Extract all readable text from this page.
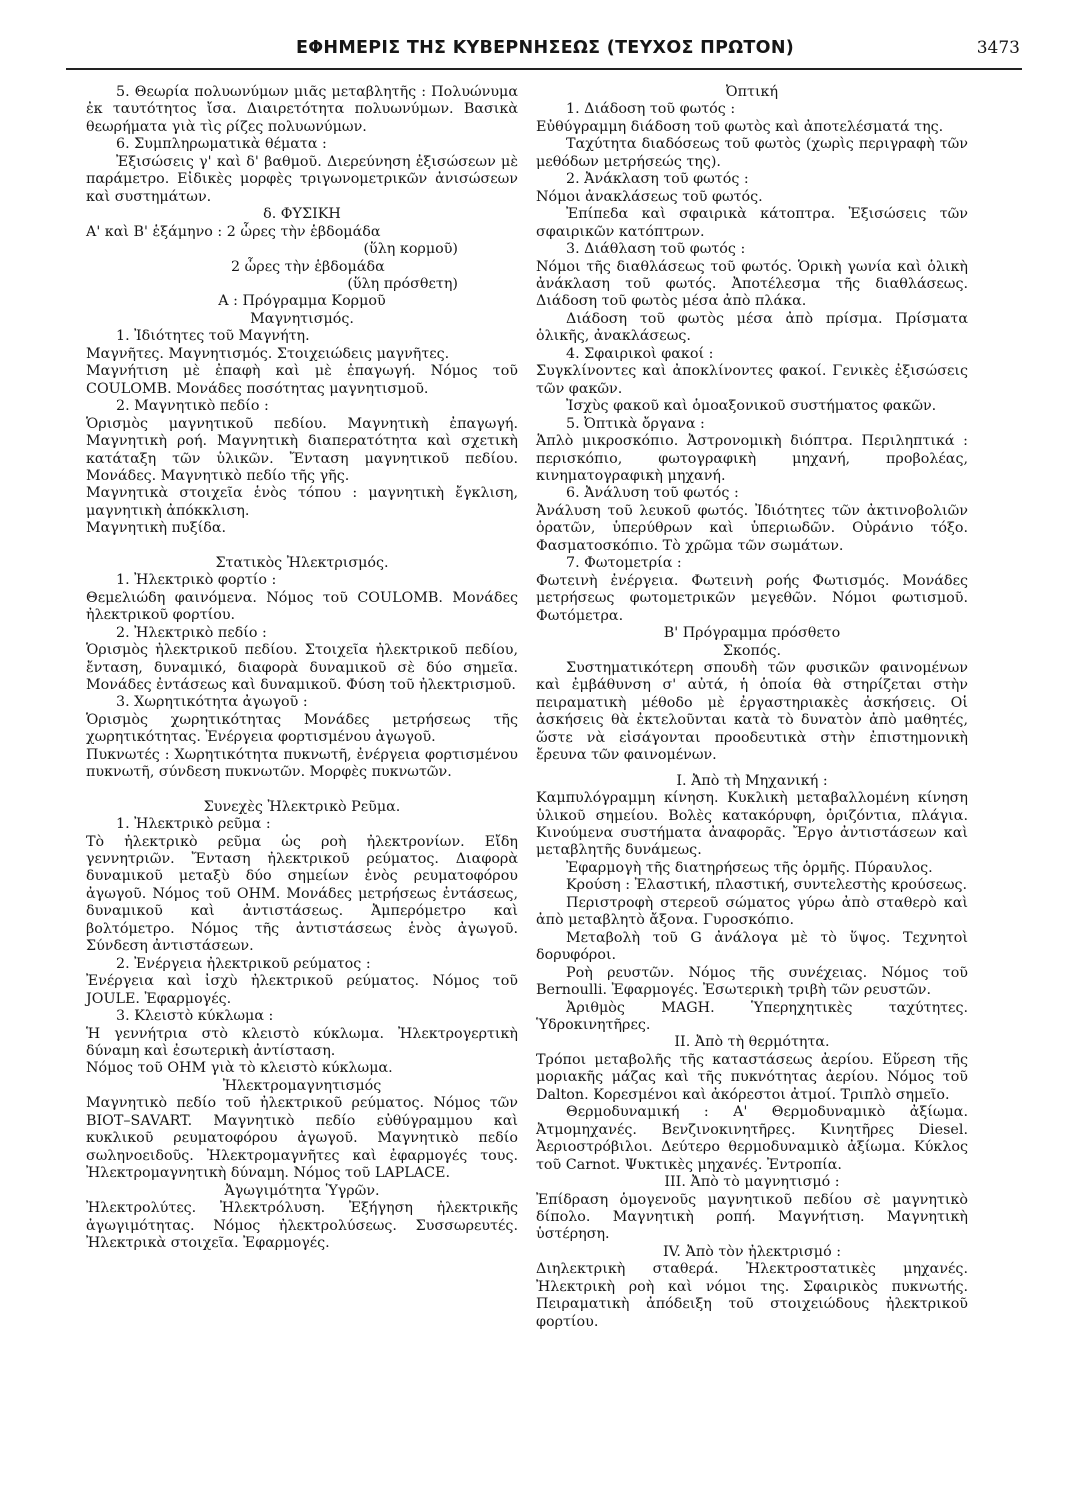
ΕΦΗΜΕΡΙΣ ΤΗΣ ΚΥΒΕΡΝΗΣΕΩΣ (ΤΕΥΧΟΣ ΠΡΩΤΟΝ)	3473

5. Θεωρία πολυωνύμων μιᾶς μεταβλητῆς : Πολυώνυμα ἐκ ταυτότητος ἴσα. Διαιρετότητα πολυωνύμων. Βασικὰ θεωρήματα γιὰ τὶς ρίζες πολυωνύμων.

6. Συμπληρωματικὰ θέματα :

Ἐξισώσεις γ' καὶ δ' βαθμοῦ. Διερεύνηση ἐξισώσεων μὲ παράμετρο. Εἰδικὲς μορφὲς τριγωνομετρικῶν ἀνισώσεων καὶ συστημάτων.

δ. ΦΥΣΙΚΗ

Α' καὶ Β' ἑξάμηνο : 2 ὧρες τὴν ἑβδομάδα

(ὕλη κορμοῦ)

2 ὧρες τὴν ἑβδομάδα

(ὕλη πρόσθετη)

Α : Πρόγραμμα Κορμοῦ

Μαγνητισμός.

1. Ἰδιότητες τοῦ Μαγνήτη.

Μαγνῆτες. Μαγνητισμός. Στοιχειώδεις μαγνῆτες.

Μαγνήτιση μὲ ἐπαφὴ καὶ μὲ ἐπαγωγή. Νόμος τοῦ COULOMB. Μονάδες ποσότητας μαγνητισμοῦ.

2. Μαγνητικὸ πεδίο :

Ὁρισμὸς μαγνητικοῦ πεδίου. Μαγνητικὴ ἐπαγωγή. Μαγνητικὴ ροή. Μαγνητικὴ διαπερατότητα καὶ σχετικὴ κατάταξη τῶν ὑλικῶν. Ἔνταση μαγνητικοῦ πεδίου. Μονάδες. Μαγνητικὸ πεδίο τῆς γῆς.

Μαγνητικὰ στοιχεῖα ἑνὸς τόπου : μαγνητικὴ ἔγκλιση, μαγνητικὴ ἀπόκκλιση.

Μαγνητικὴ πυξίδα.

Στατικὸς Ἠλεκτρισμός.

1. Ἠλεκτρικὸ φορτίο :

Θεμελιώδη φαινόμενα. Νόμος τοῦ COULOMB. Μονάδες ἠλεκτρικοῦ φορτίου.

2. Ἠλεκτρικὸ πεδίο :

Ὁρισμὸς ἠλεκτρικοῦ πεδίου. Στοιχεῖα ἠλεκτρικοῦ πεδίου, ἔνταση, δυναμικό, διαφορὰ δυναμικοῦ σὲ δύο σημεῖα. Μονάδες ἐντάσεως καὶ δυναμικοῦ. Φύση τοῦ ἠλεκτρισμοῦ.

3. Χωρητικότητα ἀγωγοῦ :

Ὁρισμὸς χωρητικότητας Μονάδες μετρήσεως τῆς χωρητικότητας. Ἐνέργεια φορτισμένου ἀγωγοῦ.

Πυκνωτές : Χωρητικότητα πυκνωτῆ, ἐνέργεια φορτισμένου πυκνωτῆ, σύνδεση πυκνωτῶν. Μορφὲς πυκνωτῶν.

Συνεχὲς Ἠλεκτρικὸ Ρεῦμα.

1. Ἠλεκτρικὸ ρεῦμα :

Τὸ ἠλεκτρικὸ ρεῦμα ὡς ροὴ ἠλεκτρονίων. Εἴδη γεννητριῶν. Ἔνταση ἠλεκτρικοῦ ρεύματος. Διαφορὰ δυναμικοῦ μεταξὺ δύο σημείων ἑνὸς ρευματοφόρου ἀγωγοῦ. Νόμος τοῦ ΟΗΜ. Μονάδες μετρήσεως ἐντάσεως, δυναμικοῦ καὶ ἀντιστάσεως. Ἀμπερόμετρο καὶ βολτόμετρο. Νόμος τῆς ἀντιστάσεως ἑνὸς ἀγωγοῦ. Σύνδεση ἀντιστάσεων.

2. Ἐνέργεια ἠλεκτρικοῦ ρεύματος :

Ἐνέργεια καὶ ἰσχὺ ἠλεκτρικοῦ ρεύματος. Νόμος τοῦ JOULE. Ἐφαρμογές.

3. Κλειστὸ κύκλωμα :

Ἡ γεννήτρια στὸ κλειστὸ κύκλωμα. Ἠλεκτρογερτικὴ δύναμη καὶ ἐσωτερικὴ ἀντίσταση.

Νόμος τοῦ ΟΗΜ γιὰ τὸ κλειστὸ κύκλωμα.

Ἠλεκτρομαγνητισμός

Μαγνητικὸ πεδίο τοῦ ἠλεκτρικοῦ ρεύματος. Νόμος τῶν BIOT–SAVART. Μαγνητικὸ πεδίο εὐθύγραμμου καὶ κυκλικοῦ ρευματοφόρου ἀγωγοῦ. Μαγνητικὸ πεδίο σωληνοειδοῦς. Ἠλεκτρομαγνῆτες καὶ ἐφαρμογές τους. Ἠλεκτρομαγνητικὴ δύναμη. Νόμος τοῦ LAPLACE.

Ἀγωγιμότητα Ὑγρῶν.

Ἠλεκτρολύτες. Ἠλεκτρόλυση. Ἐξήγηση ἠλεκτρικῆς ἀγωγιμότητας. Νόμος ἠλεκτρολύσεως. Συσσωρευτές. Ἠλεκτρικὰ στοιχεῖα. Ἐφαρμογές.

Ὀπτική

1. Διάδοση τοῦ φωτός :

Εὐθύγραμμη διάδοση τοῦ φωτὸς καὶ ἀποτελέσματά της.

Ταχύτητα διαδόσεως τοῦ φωτὸς (χωρὶς περιγραφὴ τῶν μεθόδων μετρήσεώς της).

2. Ἀνάκλαση τοῦ φωτός :

Νόμοι ἀνακλάσεως τοῦ φωτός.

Ἐπίπεδα καὶ σφαιρικὰ κάτοπτρα. Ἐξισώσεις τῶν σφαιρικῶν κατόπτρων.

3. Διάθλαση τοῦ φωτός :

Νόμοι τῆς διαθλάσεως τοῦ φωτός. Ὁρικὴ γωνία καὶ ὁλικὴ ἀνάκλαση τοῦ φωτός. Ἀποτέλεσμα τῆς διαθλάσεως. Διάδοση τοῦ φωτὸς μέσα ἀπὸ πλάκα.

Διάδοση τοῦ φωτὸς μέσα ἀπὸ πρίσμα. Πρίσματα ὁλικῆς, ἀνακλάσεως.

4. Σφαιρικοὶ φακοί :

Συγκλίνοντες καὶ ἀποκλίνοντες φακοί. Γενικὲς ἐξισώσεις τῶν φακῶν.

Ἰσχὺς φακοῦ καὶ ὁμοαξονικοῦ συστήματος φακῶν.

5. Ὀπτικὰ ὄργανα :

Ἁπλὸ μικροσκόπιο. Ἀστρονομικὴ διόπτρα. Περιληπτικά : περισκόπιο, φωτογραφικὴ μηχανή, προβολέας, κινηματογραφικὴ μηχανή.

6. Ἀνάλυση τοῦ φωτός :

Ἀνάλυση τοῦ λευκοῦ φωτός. Ἰδιότητες τῶν ἀκτινοβολιῶν ὁρατῶν, ὑπερύθρων καὶ ὑπεριωδῶν. Οὐράνιο τόξο. Φασματοσκόπιο. Τὸ χρῶμα τῶν σωμάτων.

7. Φωτομετρία :

Φωτεινὴ ἐνέργεια. Φωτεινὴ ροής Φωτισμός. Μονάδες μετρήσεως φωτομετρικῶν μεγεθῶν. Νόμοι φωτισμοῦ. Φωτόμετρα.

Β' Πρόγραμμα πρόσθετο

Σκοπός.

Συστηματικότερη σπουδὴ τῶν φυσικῶν φαινομένων καὶ ἐμβάθυνση σ' αὐτά, ἡ ὁποία θὰ στηρίζεται στὴν πειραματικὴ μέθοδο μὲ ἐργαστηριακὲς ἀσκήσεις. Οἱ ἀσκήσεις θὰ ἐκτελοῦνται κατὰ τὸ δυνατὸν ἀπὸ μαθητές, ὥστε νὰ εἰσάγονται προοδευτικὰ στὴν ἐπιστημονικὴ ἔρευνα τῶν φαινομένων.

Ι. Ἀπὸ τὴ Μηχανική :

Καμπυλόγραμμη κίνηση. Κυκλικὴ μεταβαλλομένη κίνηση ὑλικοῦ σημείου. Βολὲς κατακόρυφη, ὁριζόντια, πλάγια. Κινούμενα συστήματα ἀναφορᾶς. Ἔργο ἀντιστάσεων καὶ μεταβλητῆς δυνάμεως.

Ἐφαρμογὴ τῆς διατηρήσεως τῆς ὁρμῆς. Πύραυλος.

Κρούση : Ἐλαστική, πλαστική, συντελεστὴς κρούσεως.

Περιστροφὴ στερεοῦ σώματος γύρω ἀπὸ σταθερὸ καὶ ἀπὸ μεταβλητὸ ἄξονα. Γυροσκόπιο.

Μεταβολὴ τοῦ G ἀνάλογα μὲ τὸ ὕψος. Τεχνητοὶ δορυφόροι.

Ροὴ ρευστῶν. Νόμος τῆς συνέχειας. Νόμος τοῦ Bernoulli. Ἐφαρμογές. Ἐσωτερικὴ τριβὴ τῶν ρευστῶν.

Ἀριθμὸς MAGH. Ὑπερηχητικὲς ταχύτητες. Ὑδροκινητῆρες.

ΙΙ. Ἀπὸ τὴ θερμότητα.

Τρόποι μεταβολῆς τῆς καταστάσεως ἀερίου. Εὕρεση τῆς μοριακῆς μάζας καὶ τῆς πυκνότητας ἀερίου. Νόμος τοῦ Dalton. Κορεσμένοι καὶ ἀκόρεστοι ἀτμοί. Τριπλὸ σημεῖο.

Θερμοδυναμική : Α' Θερμοδυναμικὸ ἀξίωμα. Ἀτμομηχανές. Βενζινοκινητῆρες. Κινητῆρες Diesel. Ἀεριοστρόβιλοι. Δεύτερο θερμοδυναμικὸ ἀξίωμα. Κύκλος τοῦ Carnot. Ψυκτικὲς μηχανές. Ἐντροπία.

ΙΙΙ. Ἀπὸ τὸ μαγνητισμό :

Ἐπίδραση ὁμογενοῦς μαγνητικοῦ πεδίου σὲ μαγνητικὸ δίπολο. Μαγνητικὴ ροπή. Μαγνήτιση. Μαγνητικὴ ὑστέρηση.

ΙV. Ἀπὸ τὸν ἠλεκτρισμό :

Διηλεκτρικὴ σταθερά. Ἠλεκτροστατικὲς μηχανές. Ἠλεκτρικὴ ροὴ καὶ νόμοι της. Σφαιρικὸς πυκνωτής. Πειραματικὴ ἀπόδειξη τοῦ στοιχειώδους ἠλεκτρικοῦ φορτίου.
